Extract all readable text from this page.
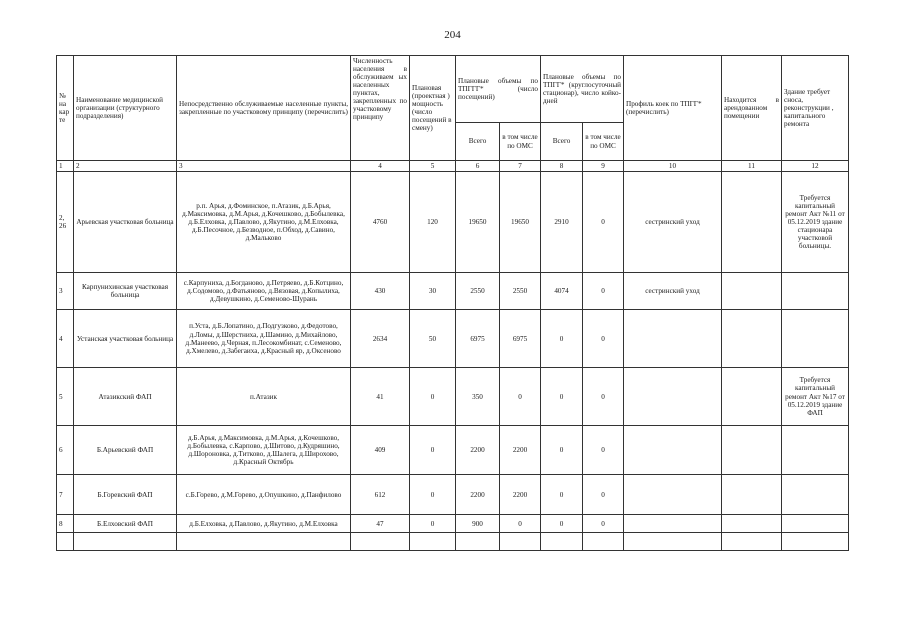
204
№ на кар те	Наименование медицинской организации (структурного подразделения)	Непосредственно обслуживаемые населенные пункты, закрепленные по участковому принципу (перечислить)	Численность населения в обслуживаем ых населенных пунктах, закрепленных по участковому принципу	Плановая (проектная ) мощность (число посещений в смену)	Плановые объемы по ТПГГГ* (число посещений)		Плановые объемы по ТПГГ* (круглосуточный стационар), число койко-дней		Профиль коек по ТПГГ* (перечислить)	Находится в арендованном помещении	Здание требует сноса, реконструкции , капитального ремонта
					Всего	в том числе по ОМС	Всего	в том числе по ОМС			
1	2	3	4	5	6	7	8	9	10	11	12
2, 26	Арьевская участковая больница	р.п. Арья, д.Фоминское, п.Атазик, д.Б.Арья, д.Максимовка, д.М.Арья, д.Кочешково, д.Бобылевка, д.Б.Елховка, д.Павлово, д.Якутино, д.М.Елховка, д.Б.Песочное, д.Безводное, п.Обход, д.Савино, д.Мальково	4760	120	19650	19650	2910	0	сестринский уход		Требуется капитальный ремонт Акт №11 от 05.12.2019 здание стационара участковой больницы.
3	Карпунихинская участковая больница	с.Карпуниха, д.Богданово, д.Петряево, д.Б.Котцино, д.Содомово, д.Фатьяново, д.Вязовая, д.Копылиха, д.Девушкино, д.Семеново-Шурань	430	30	2550	2550	4074	0	сестринский уход		
4	Устанская участковая больница	п.Уста, д.Б.Лопатино, д.Подгузково, д.Федотово, д.Ломы, д.Шерстниха, д.Шамино, д.Михайлово, д.Манеево, д.Черная, п.Лесокомбинат, с.Семеново, д.Хмелево, д.Забегаиха, д.Красный яр, д.Оксеново	2634	50	6975	6975	0	0			
5	Атазикский ФАП	п.Атазик	41	0	350	0	0	0			Требуется капитальный ремонт Акт №17 от 05.12.2019 здание ФАП
6	Б.Арьевский ФАП	д.Б.Арья, д.Максимовка, д.М.Арья, д.Кочешково, д.Бобылевка, с.Карпово, д.Шитово, д.Кудряшино, д.Шороновка, д.Титково, д.Шалега, д.Широхово, д.Красный Октябрь	409	0	2200	2200	0	0			
7	Б.Горевский ФАП	с.Б.Горево, д.М.Горево, д.Опушкино, д.Панфилово	612	0	2200	2200	0	0			
8	Б.Елховский ФАП	д.Б.Елховка, д.Павлово, д.Якутино, д.М.Елховка	47	0	900	0	0	0			
